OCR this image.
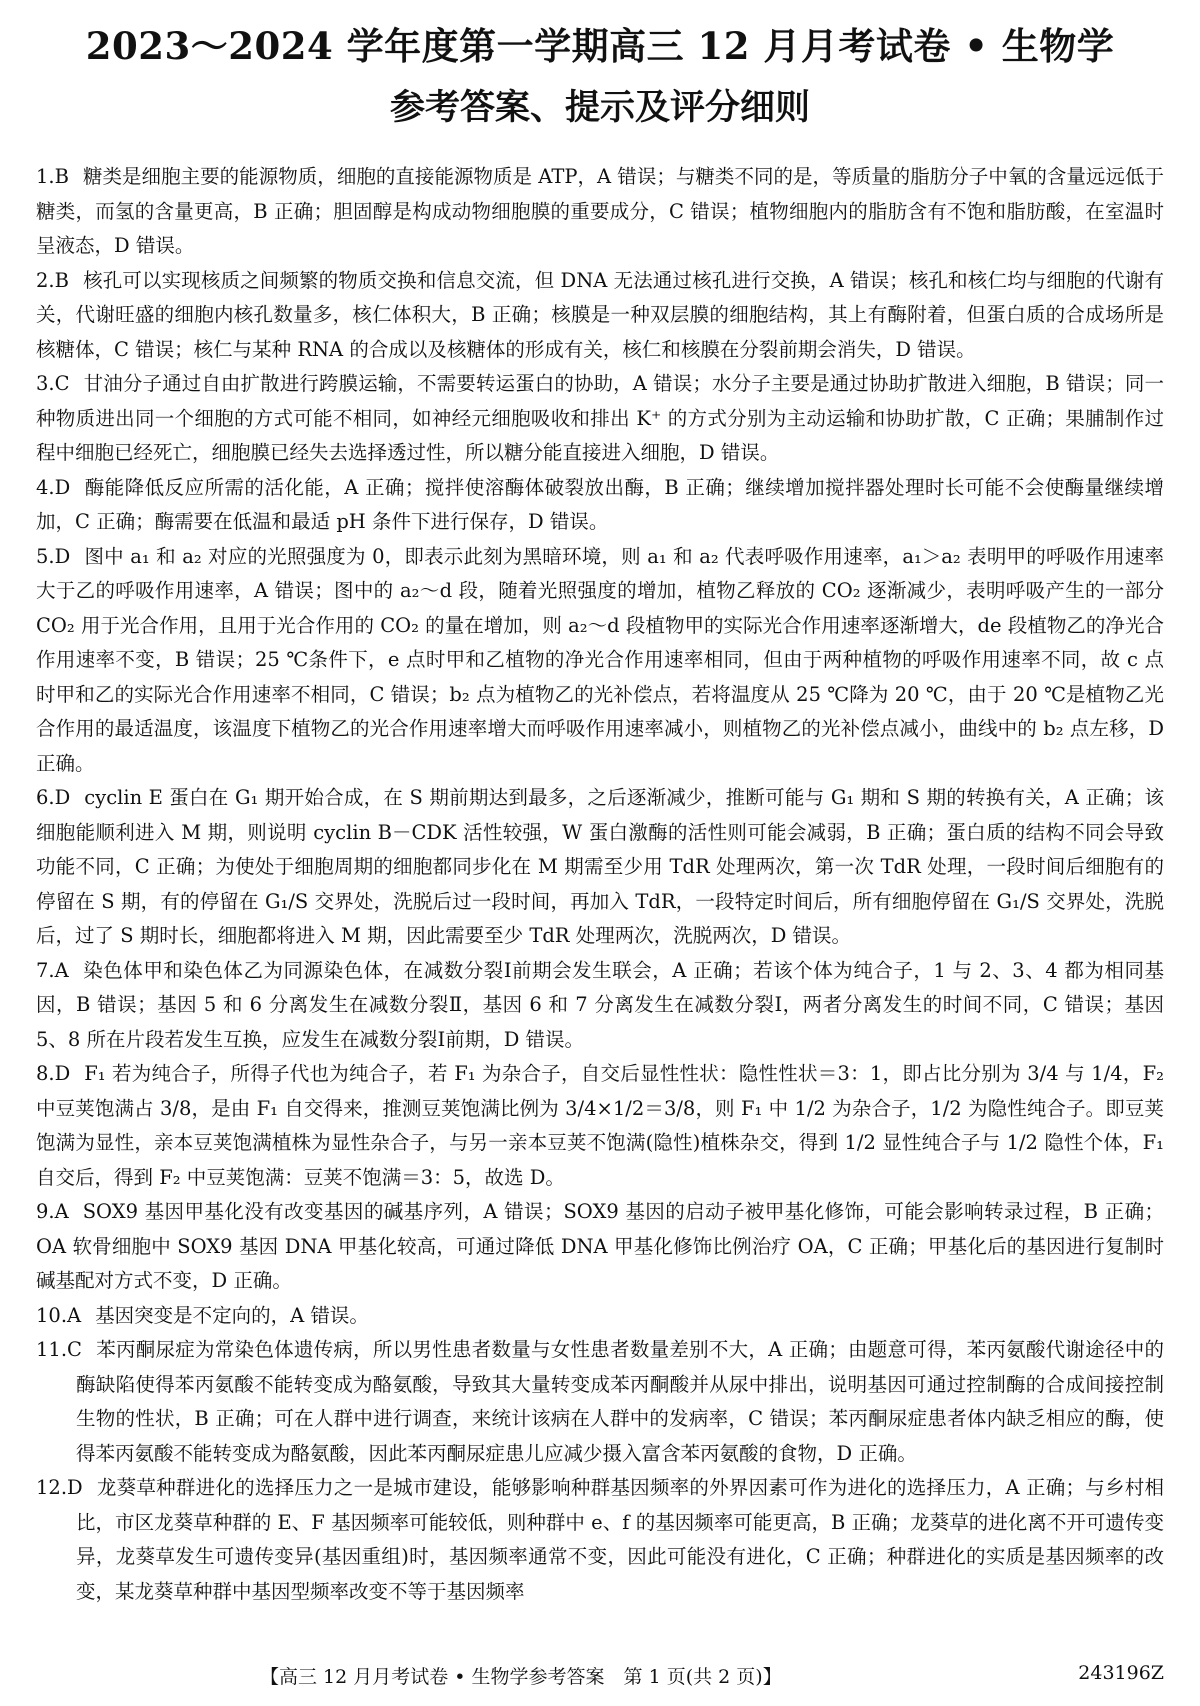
2023～2024 学年度第一学期高三 12 月月考试卷 • 生物学
参考答案、提示及评分细则

1.B 糖类是细胞主要的能源物质，细胞的直接能源物质是 ATP，A 错误；与糖类不同的是，等质量的脂肪分子中氧的含量远远低于糖类，而氢的含量更高，B 正确；胆固醇是构成动物细胞膜的重要成分，C 错误；植物细胞内的脂肪含有不饱和脂肪酸，在室温时呈液态，D 错误。

2.B 核孔可以实现核质之间频繁的物质交换和信息交流，但 DNA 无法通过核孔进行交换，A 错误；核孔和核仁均与细胞的代谢有关，代谢旺盛的细胞内核孔数量多，核仁体积大，B 正确；核膜是一种双层膜的细胞结构，其上有酶附着，但蛋白质的合成场所是核糖体，C 错误；核仁与某种 RNA 的合成以及核糖体的形成有关，核仁和核膜在分裂前期会消失，D 错误。

3.C 甘油分子通过自由扩散进行跨膜运输，不需要转运蛋白的协助，A 错误；水分子主要是通过协助扩散进入细胞，B 错误；同一种物质进出同一个细胞的方式可能不相同，如神经元细胞吸收和排出 K⁺ 的方式分别为主动运输和协助扩散，C 正确；果脯制作过程中细胞已经死亡，细胞膜已经失去选择透过性，所以糖分能直接进入细胞，D 错误。

4.D 酶能降低反应所需的活化能，A 正确；搅拌使溶酶体破裂放出酶，B 正确；继续增加搅拌器处理时长可能不会使酶量继续增加，C 正确；酶需要在低温和最适 pH 条件下进行保存，D 错误。

5.D 图中 a₁ 和 a₂ 对应的光照强度为 0，即表示此刻为黑暗环境，则 a₁ 和 a₂ 代表呼吸作用速率，a₁＞a₂ 表明甲的呼吸作用速率大于乙的呼吸作用速率，A 错误；图中的 a₂～d 段，随着光照强度的增加，植物乙释放的 CO₂ 逐渐减少，表明呼吸产生的一部分 CO₂ 用于光合作用，且用于光合作用的 CO₂ 的量在增加，则 a₂～d 段植物甲的实际光合作用速率逐渐增大，de 段植物乙的净光合作用速率不变，B 错误；25 ℃条件下，e 点时甲和乙植物的净光合作用速率相同，但由于两种植物的呼吸作用速率不同，故 c 点时甲和乙的实际光合作用速率不相同，C 错误；b₂ 点为植物乙的光补偿点，若将温度从 25 ℃降为 20 ℃，由于 20 ℃是植物乙光合作用的最适温度，该温度下植物乙的光合作用速率增大而呼吸作用速率减小，则植物乙的光补偿点减小，曲线中的 b₂ 点左移，D 正确。

6.D cyclin E 蛋白在 G₁ 期开始合成，在 S 期前期达到最多，之后逐渐减少，推断可能与 G₁ 期和 S 期的转换有关，A 正确；该细胞能顺利进入 M 期，则说明 cyclin B－CDK 活性较强，W 蛋白激酶的活性则可能会减弱，B 正确；蛋白质的结构不同会导致功能不同，C 正确；为使处于细胞周期的细胞都同步化在 M 期需至少用 TdR 处理两次，第一次 TdR 处理，一段时间后细胞有的停留在 S 期，有的停留在 G₁/S 交界处，洗脱后过一段时间，再加入 TdR，一段特定时间后，所有细胞停留在 G₁/S 交界处，洗脱后，过了 S 期时长，细胞都将进入 M 期，因此需要至少 TdR 处理两次，洗脱两次，D 错误。

7.A 染色体甲和染色体乙为同源染色体，在减数分裂Ⅰ前期会发生联会，A 正确；若该个体为纯合子，1 与 2、3、4 都为相同基因，B 错误；基因 5 和 6 分离发生在减数分裂Ⅱ，基因 6 和 7 分离发生在减数分裂Ⅰ，两者分离发生的时间不同，C 错误；基因 5、8 所在片段若发生互换，应发生在减数分裂Ⅰ前期，D 错误。

8.D F₁ 若为纯合子，所得子代也为纯合子，若 F₁ 为杂合子，自交后显性性状：隐性性状＝3：1，即占比分别为 3/4 与 1/4，F₂ 中豆荚饱满占 3/8，是由 F₁ 自交得来，推测豆荚饱满比例为 3/4×1/2＝3/8，则 F₁ 中 1/2 为杂合子，1/2 为隐性纯合子。即豆荚饱满为显性，亲本豆荚饱满植株为显性杂合子，与另一亲本豆荚不饱满(隐性)植株杂交，得到 1/2 显性纯合子与 1/2 隐性个体，F₁ 自交后，得到 F₂ 中豆荚饱满：豆荚不饱满＝3：5，故选 D。

9.A SOX9 基因甲基化没有改变基因的碱基序列，A 错误；SOX9 基因的启动子被甲基化修饰，可能会影响转录过程，B 正确；OA 软骨细胞中 SOX9 基因 DNA 甲基化较高，可通过降低 DNA 甲基化修饰比例治疗 OA，C 正确；甲基化后的基因进行复制时碱基配对方式不变，D 正确。

10.A 基因突变是不定向的，A 错误。

11.C 苯丙酮尿症为常染色体遗传病，所以男性患者数量与女性患者数量差别不大，A 正确；由题意可得，苯丙氨酸代谢途径中的酶缺陷使得苯丙氨酸不能转变成为酪氨酸，导致其大量转变成苯丙酮酸并从尿中排出，说明基因可通过控制酶的合成间接控制生物的性状，B 正确；可在人群中进行调查，来统计该病在人群中的发病率，C 错误；苯丙酮尿症患者体内缺乏相应的酶，使得苯丙氨酸不能转变成为酪氨酸，因此苯丙酮尿症患儿应减少摄入富含苯丙氨酸的食物，D 正确。

12.D 龙葵草种群进化的选择压力之一是城市建设，能够影响种群基因频率的外界因素可作为进化的选择压力，A 正确；与乡村相比，市区龙葵草种群的 E、F 基因频率可能较低，则种群中 e、f 的基因频率可能更高，B 正确；龙葵草的进化离不开可遗传变异，龙葵草发生可遗传变异(基因重组)时，基因频率通常不变，因此可能没有进化，C 正确；种群进化的实质是基因频率的改变，某龙葵草种群中基因型频率改变不等于基因频率

【高三 12 月月考试卷 • 生物学参考答案　第 1 页(共 2 页)】	243196Z
